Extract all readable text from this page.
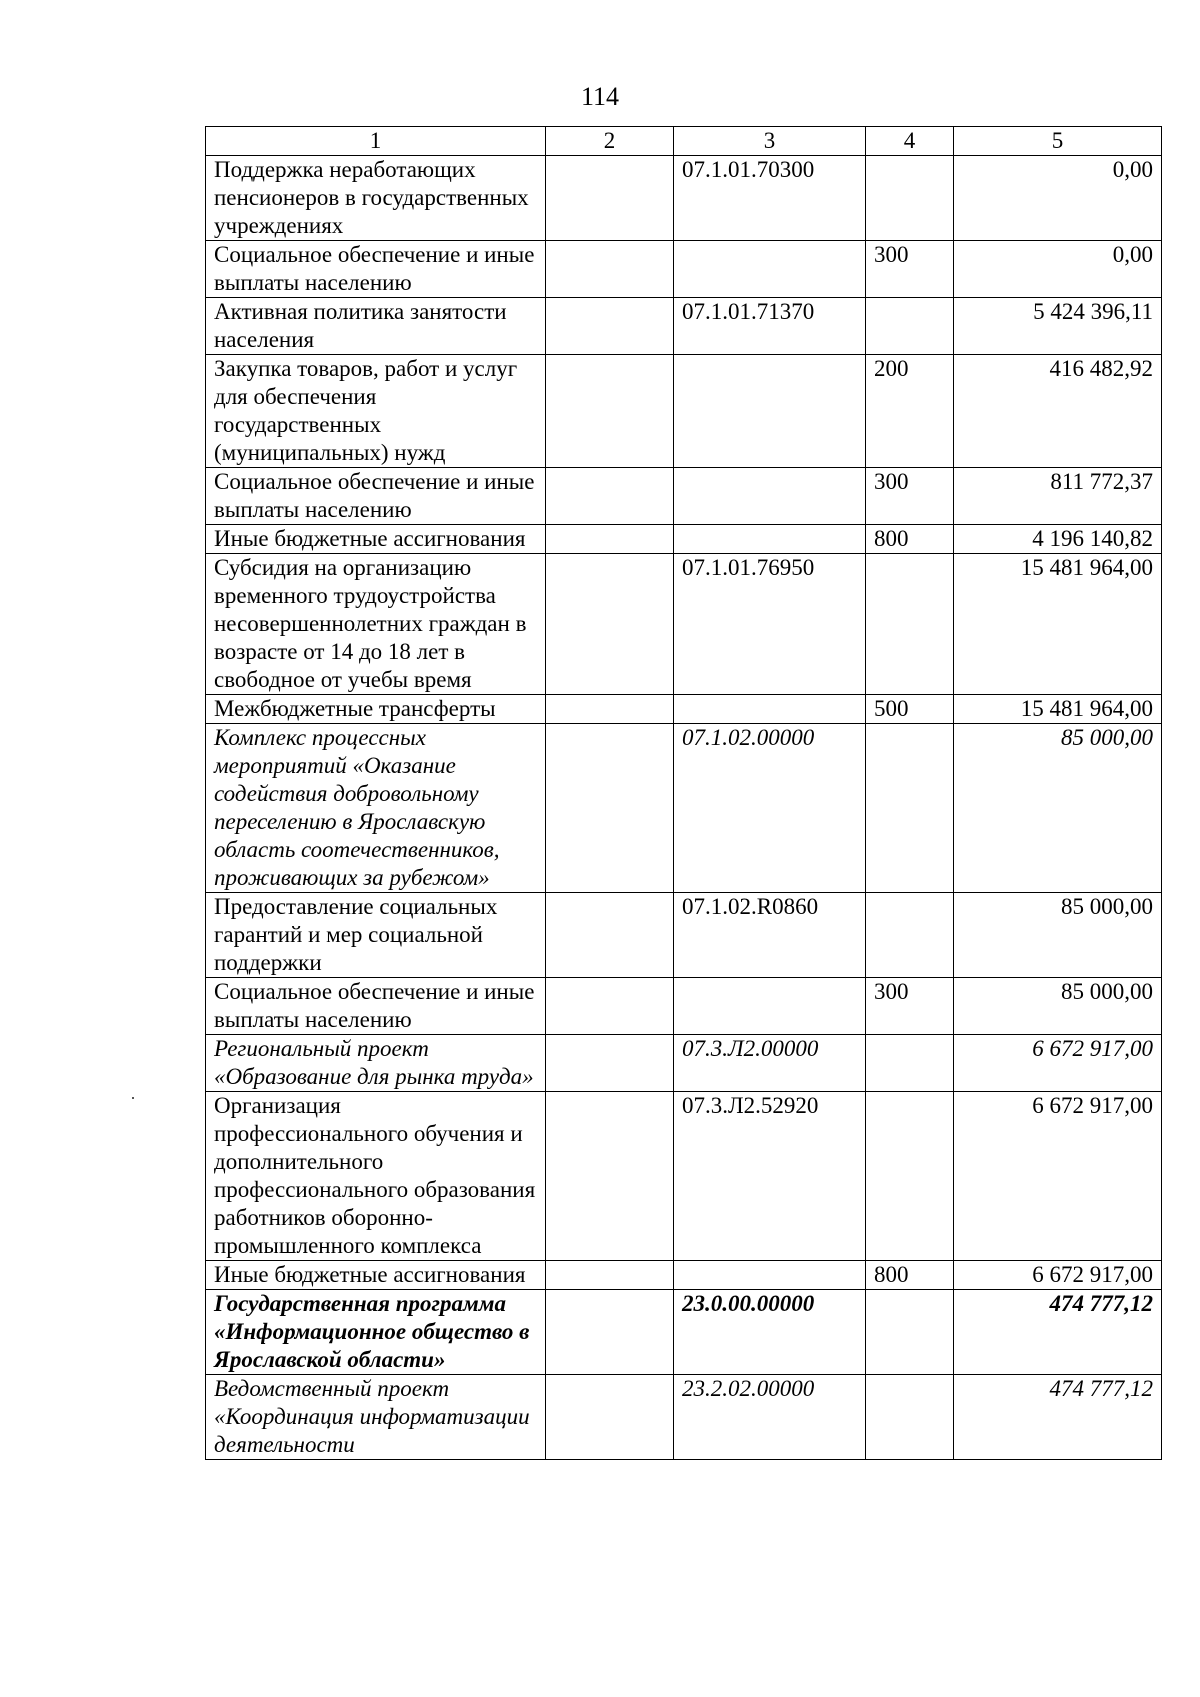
114
1	2	3	4	5
Поддержка неработающих пенсионеров в государственных учреждениях		07.1.01.70300		0,00
Социальное обеспечение и иные выплаты населению			300	0,00
Активная политика занятости населения		07.1.01.71370		5 424 396,11
Закупка товаров, работ и услуг для обеспечения государственных (муниципальных) нужд			200	416 482,92
Социальное обеспечение и иные выплаты населению			300	811 772,37
Иные бюджетные ассигнования			800	4 196 140,82
Субсидия на организацию временного трудоустройства несовершеннолетних граждан в возрасте от 14 до 18 лет в свободное от учебы время		07.1.01.76950		15 481 964,00
Межбюджетные трансферты			500	15 481 964,00
Комплекс процессных мероприятий «Оказание содействия добровольному переселению в Ярославскую область соотечественников, проживающих за рубежом»		07.1.02.00000		85 000,00
Предоставление социальных гарантий и мер социальной поддержки		07.1.02.R0860		85 000,00
Социальное обеспечение и иные выплаты населению			300	85 000,00
Региональный проект «Образование для рынка труда»		07.3.Л2.00000		6 672 917,00
Организация профессионального обучения и дополнительного профессионального образования работников оборонно-промышленного комплекса		07.3.Л2.52920		6 672 917,00
Иные бюджетные ассигнования			800	6 672 917,00
Государственная программа «Информационное общество в Ярославской области»		23.0.00.00000		474 777,12
Ведомственный проект «Координация информатизации деятельности		23.2.02.00000		474 777,12
